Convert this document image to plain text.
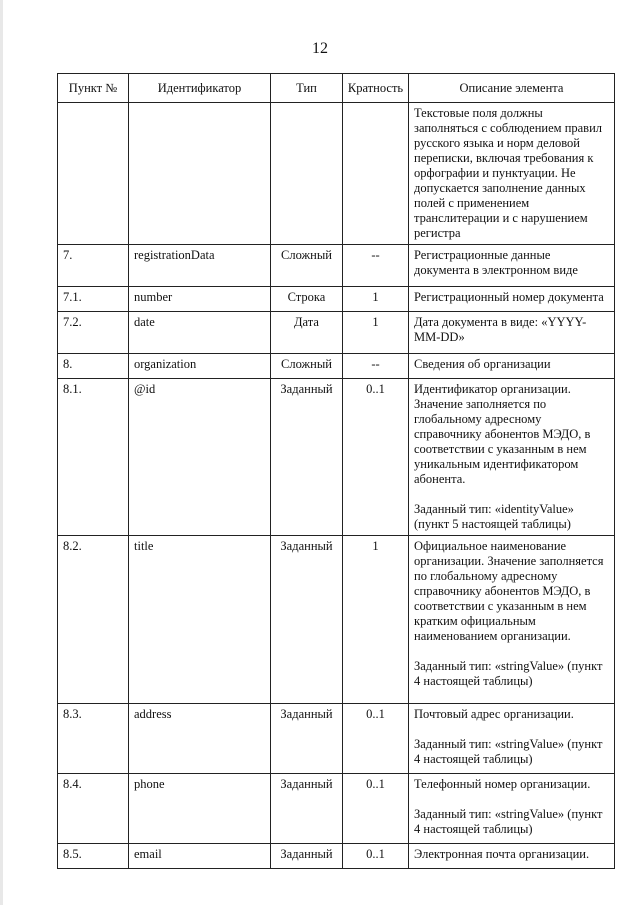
12
Пункт №	Идентификатор	Тип	Кратность	Описание элемента

				Текстовые поля должны заполняться с соблюдением правил русского языка и норм деловой переписки, включая требования к орфографии и пунктуации. Не допускается заполнение данных полей с применением транслитерации и с нарушением регистра

7.	registrationData	Сложный	--	Регистрационные данные документа в электронном виде

7.1.	number	Строка	1	Регистрационный номер документа

7.2.	date	Дата	1	Дата документа в виде: «YYYY-MM-DD»

8.	organization	Сложный	--	Сведения об организации

8.1.	@id	Заданный	0..1	Идентификатор организации. Значение заполняется по глобальному адресному справочнику абонентов МЭДО, в соответствии с указанным в нем уникальным идентификатором абонента.
Заданный тип: «identityValue» (пункт 5 настоящей таблицы)

8.2.	title	Заданный	1	Официальное наименование организации. Значение заполняется по глобальному адресному справочнику абонентов МЭДО, в соответствии с указанным в нем кратким официальным наименованием организации.
Заданный тип: «stringValue» (пункт 4 настоящей таблицы)

8.3.	address	Заданный	0..1	Почтовый адрес организации.
Заданный тип: «stringValue» (пункт 4 настоящей таблицы)

8.4.	phone	Заданный	0..1	Телефонный номер организации.
Заданный тип: «stringValue» (пункт 4 настоящей таблицы)

8.5.	email	Заданный	0..1	Электронная почта организации.
